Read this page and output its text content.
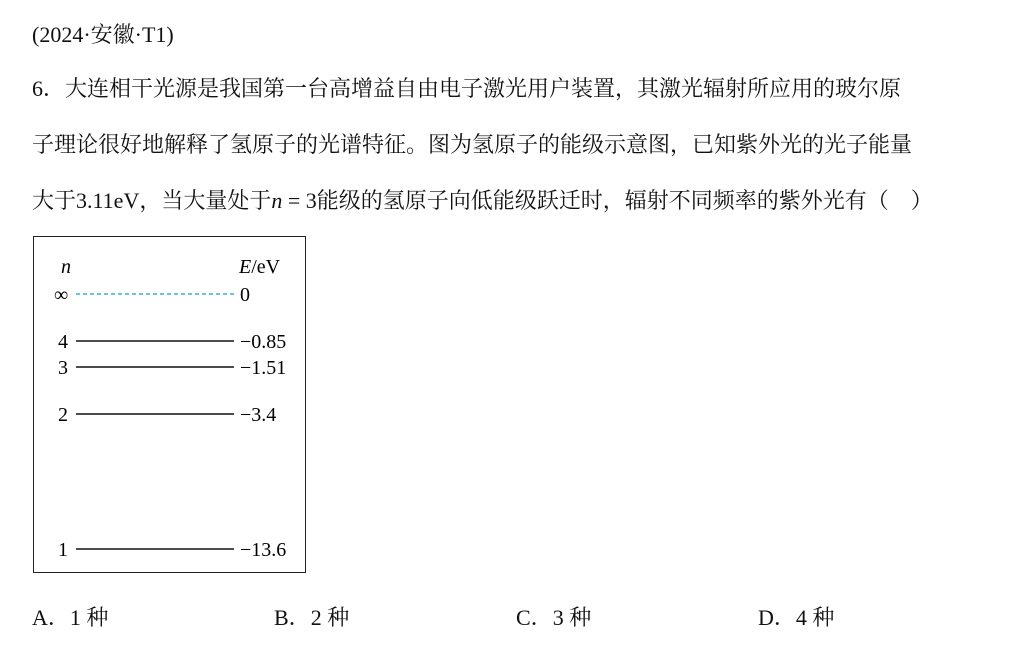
(2024·安徽·T1)
6．大连相干光源是我国第一台高增益自由电子激光用户装置，其激光辐射所应用的玻尔原
子理论很好地解释了氢原子的光谱特征。图为氢原子的能级示意图，已知紫外光的光子能量
大于3.11eV，当大量处于n = 3能级的氢原子向低能级跃迁时，辐射不同频率的紫外光有（　）
n	E/eV
∞	0
4	−0.85
3	−1.51
2	−3.4
1	−13.6
A．1 种	B．2 种	C．3 种	D．4 种
